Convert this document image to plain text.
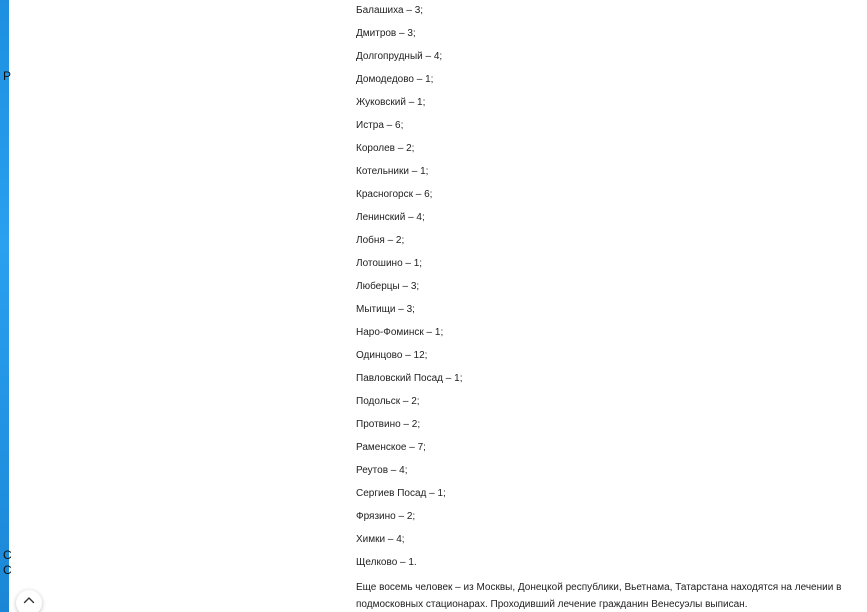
Р
С
С
Балашиха – 3;
Дмитров – 3;
Долгопрудный – 4;
Домодедово – 1;
Жуковский – 1;
Истра – 6;
Королев – 2;
Котельники – 1;
Красногорск – 6;
Ленинский – 4;
Лобня – 2;
Лотошино – 1;
Люберцы – 3;
Мытищи – 3;
Наро-Фоминск – 1;
Одинцово – 12;
Павловский Посад – 1;
Подольск – 2;
Протвино – 2;
Раменское – 7;
Реутов – 4;
Сергиев Посад – 1;
Фрязино – 2;
Химки – 4;
Щелково – 1.

Еще восемь человек – из Москвы, Донецкой республики, Вьетнама, Татарстана находятся на лечении в подмосковных стационарах. Проходивший лечение гражданин Венесуэлы выписан.
